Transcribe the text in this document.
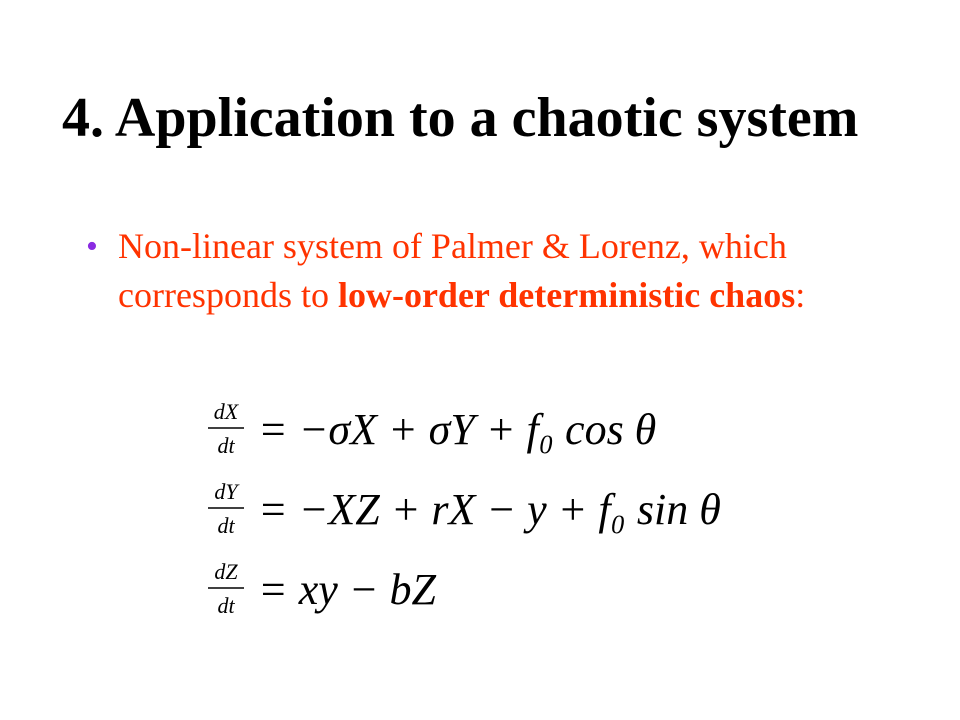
4. Application to a chaotic system
• Non-linear system of Palmer & Lorenz, which corresponds to low-order deterministic chaos:
dX
dt = −σX + σY + f₀ cos θ
dY
dt = −XZ + rX − y + f₀ sin θ
dZ
dt = xy − bZ
